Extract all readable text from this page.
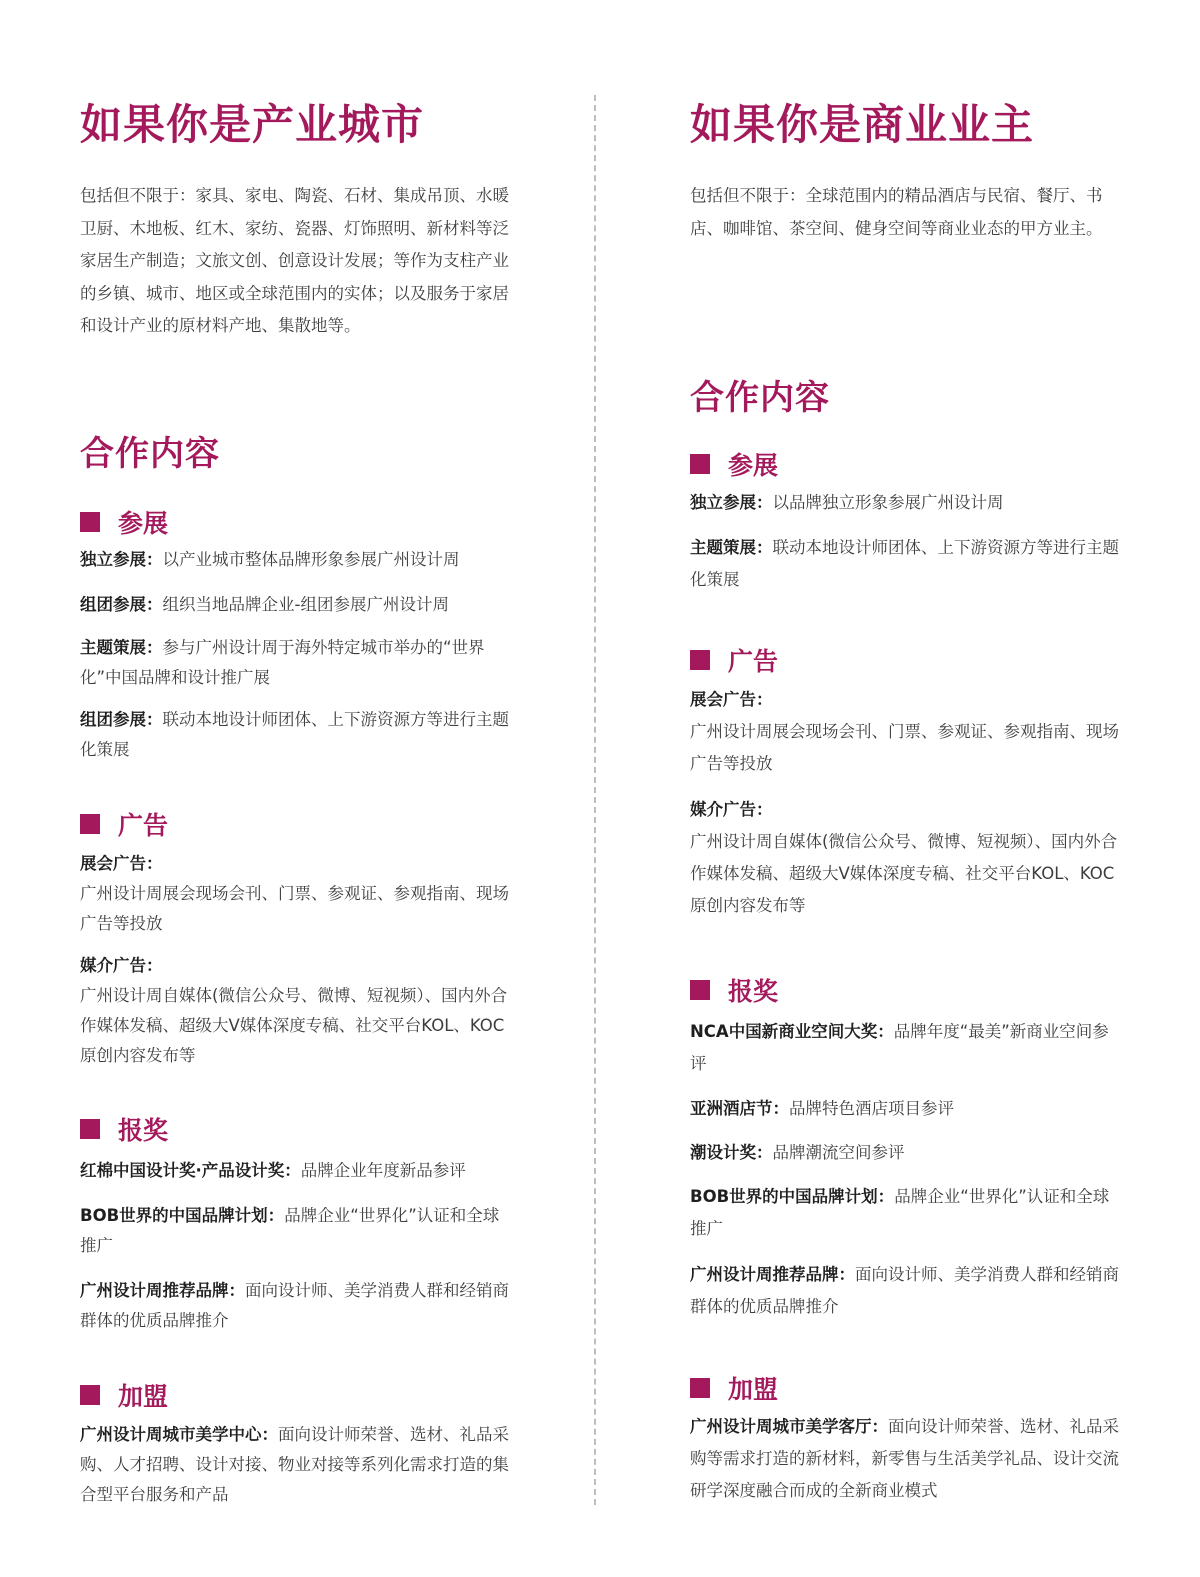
如果你是产业城市
包括但不限于：家具、家电、陶瓷、石材、集成吊顶、水暖卫厨、木地板、红木、家纺、瓷器、灯饰照明、新材料等泛家居生产制造；文旅文创、创意设计发展；等作为支柱产业的乡镇、城市、地区或全球范围内的实体；以及服务于家居和设计产业的原材料产地、集散地等。
合作内容
参展
独立参展：以产业城市整体品牌形象参展广州设计周
组团参展：组织当地品牌企业-组团参展广州设计周
主题策展：参与广州设计周于海外特定城市举办的“世界化”中国品牌和设计推广展
组团参展：联动本地设计师团体、上下游资源方等进行主题化策展
广告
展会广告：
广州设计周展会现场会刊、门票、参观证、参观指南、现场广告等投放
媒介广告：
广州设计周自媒体(微信公众号、微博、短视频）、国内外合作媒体发稿、超级大V媒体深度专稿、社交平台KOL、KOC原创内容发布等
报奖
红棉中国设计奖·产品设计奖：品牌企业年度新品参评
BOB世界的中国品牌计划：品牌企业“世界化”认证和全球推广
广州设计周推荐品牌：面向设计师、美学消费人群和经销商群体的优质品牌推介
加盟
广州设计周城市美学中心：面向设计师荣誉、选材、礼品采购、人才招聘、设计对接、物业对接等系列化需求打造的集合型平台服务和产品
如果你是商业业主
包括但不限于：全球范围内的精品酒店与民宿、餐厅、书店、咖啡馆、茶空间、健身空间等商业业态的甲方业主。
合作内容
参展
独立参展：以品牌独立形象参展广州设计周
主题策展：联动本地设计师团体、上下游资源方等进行主题化策展
广告
展会广告：
广州设计周展会现场会刊、门票、参观证、参观指南、现场广告等投放
媒介广告：
广州设计周自媒体(微信公众号、微博、短视频）、国内外合作媒体发稿、超级大V媒体深度专稿、社交平台KOL、KOC原创内容发布等
报奖
NCA中国新商业空间大奖：品牌年度“最美”新商业空间参评
亚洲酒店节：品牌特色酒店项目参评
潮设计奖：品牌潮流空间参评
BOB世界的中国品牌计划：品牌企业“世界化”认证和全球推广
广州设计周推荐品牌：面向设计师、美学消费人群和经销商群体的优质品牌推介
加盟
广州设计周城市美学客厅：面向设计师荣誉、选材、礼品采购等需求打造的新材料，新零售与生活美学礼品、设计交流研学深度融合而成的全新商业模式
